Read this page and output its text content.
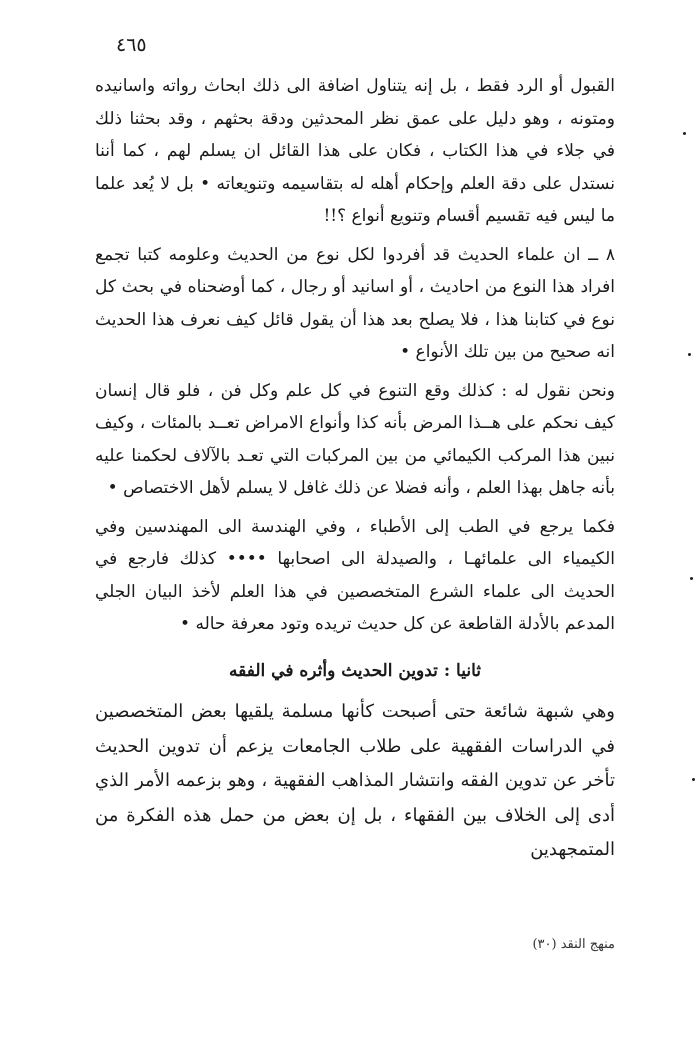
٤٦٥

القبول أو الرد فقط ، بل إنه يتناول اضافة الى ذلك ابحاث رواته واسانيده ومتونه ، وهو دليل على عمق نظر المحدثين ودقة بحثهم ، وقد بحثنا ذلك في جلاء في هذا الكتاب ، فكان على هذا القائل ان يسلم لهم ، كما أننا نستدل على دقة العلم وإحكام أهله له بتقاسيمه وتنويعاته • بل لا يُعد علما ما ليس فيه تقسيم أقسام وتنويع أنواع ؟!!

٨ ــ ان علماء الحديث قد أفردوا لكل نوع من الحديث وعلومه كتبا تجمع افراد هذا النوع من احاديث ، أو اسانيد أو رجال ، كما أوضحناه في بحث كل نوع في كتابنا هذا ، فلا يصلح بعد هذا أن يقول قائل كيف نعرف هذا الحديث انه صحيح من بين تلك الأنواع •

ونحن نقول له : كذلك وقع التنوع في كل علم وكل فن ، فلو قال إنسان كيف نحكم على هــذا المرض بأنه كذا وأنواع الامراض تعــد بالمئات ، وكيف نبين هذا المركب الكيمائي من بين المركبات التي تعـد بالآلاف لحكمنا عليه بأنه جاهل بهذا العلم ، وأنه فضلا عن ذلك غافل لا يسلم لأهل الاختصاص •

فكما يرجع في الطب إلى الأطباء ، وفي الهندسة الى المهندسين وفي الكيمياء الى علمائهـا ، والصيدلة الى اصحابها •••• كذلك فارجع في الحديث الى علماء الشرع المتخصصين في هذا العلم لأخذ البيان الجلي المدعم بالأدلة القاطعة عن كل حديث تريده وتود معرفة حاله •

ثانيا : تدوين الحديث وأثره في الفقه

وهي شبهة شائعة حتى أصبحت كأنها مسلمة يلقيها بعض المتخصصين في الدراسات الفقهية على طلاب الجامعات يزعم أن تدوين الحديث تأخر عن تدوين الفقه وانتشار المذاهب الفقهية ، وهو بزعمه الأمر الذي أدى إلى الخلاف بين الفقهاء ، بل إن بعض من حمل هذه الفكرة من المتمجهدين

منهج النقد (٣٠)
